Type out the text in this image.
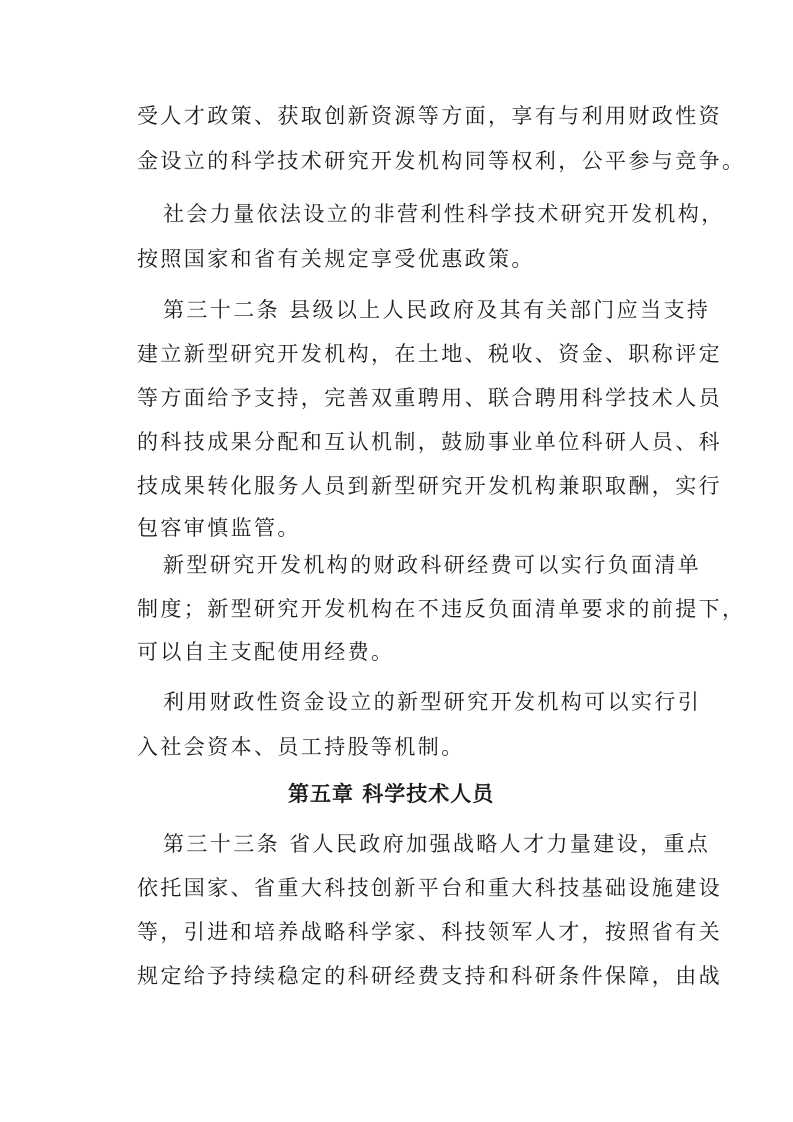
受人才政策、获取创新资源等方面，享有与利用财政性资
金设立的科学技术研究开发机构同等权利，公平参与竞争。
社会力量依法设立的非营利性科学技术研究开发机构，
按照国家和省有关规定享受优惠政策。
第三十二条 县级以上人民政府及其有关部门应当支持
建立新型研究开发机构，在土地、税收、资金、职称评定
等方面给予支持，完善双重聘用、联合聘用科学技术人员
的科技成果分配和互认机制，鼓励事业单位科研人员、科
技成果转化服务人员到新型研究开发机构兼职取酬，实行
包容审慎监管。
新型研究开发机构的财政科研经费可以实行负面清单
制度；新型研究开发机构在不违反负面清单要求的前提下，
可以自主支配使用经费。
利用财政性资金设立的新型研究开发机构可以实行引
入社会资本、员工持股等机制。
第五章 科学技术人员
第三十三条 省人民政府加强战略人才力量建设，重点
依托国家、省重大科技创新平台和重大科技基础设施建设
等，引进和培养战略科学家、科技领军人才，按照省有关
规定给予持续稳定的科研经费支持和科研条件保障，由战
